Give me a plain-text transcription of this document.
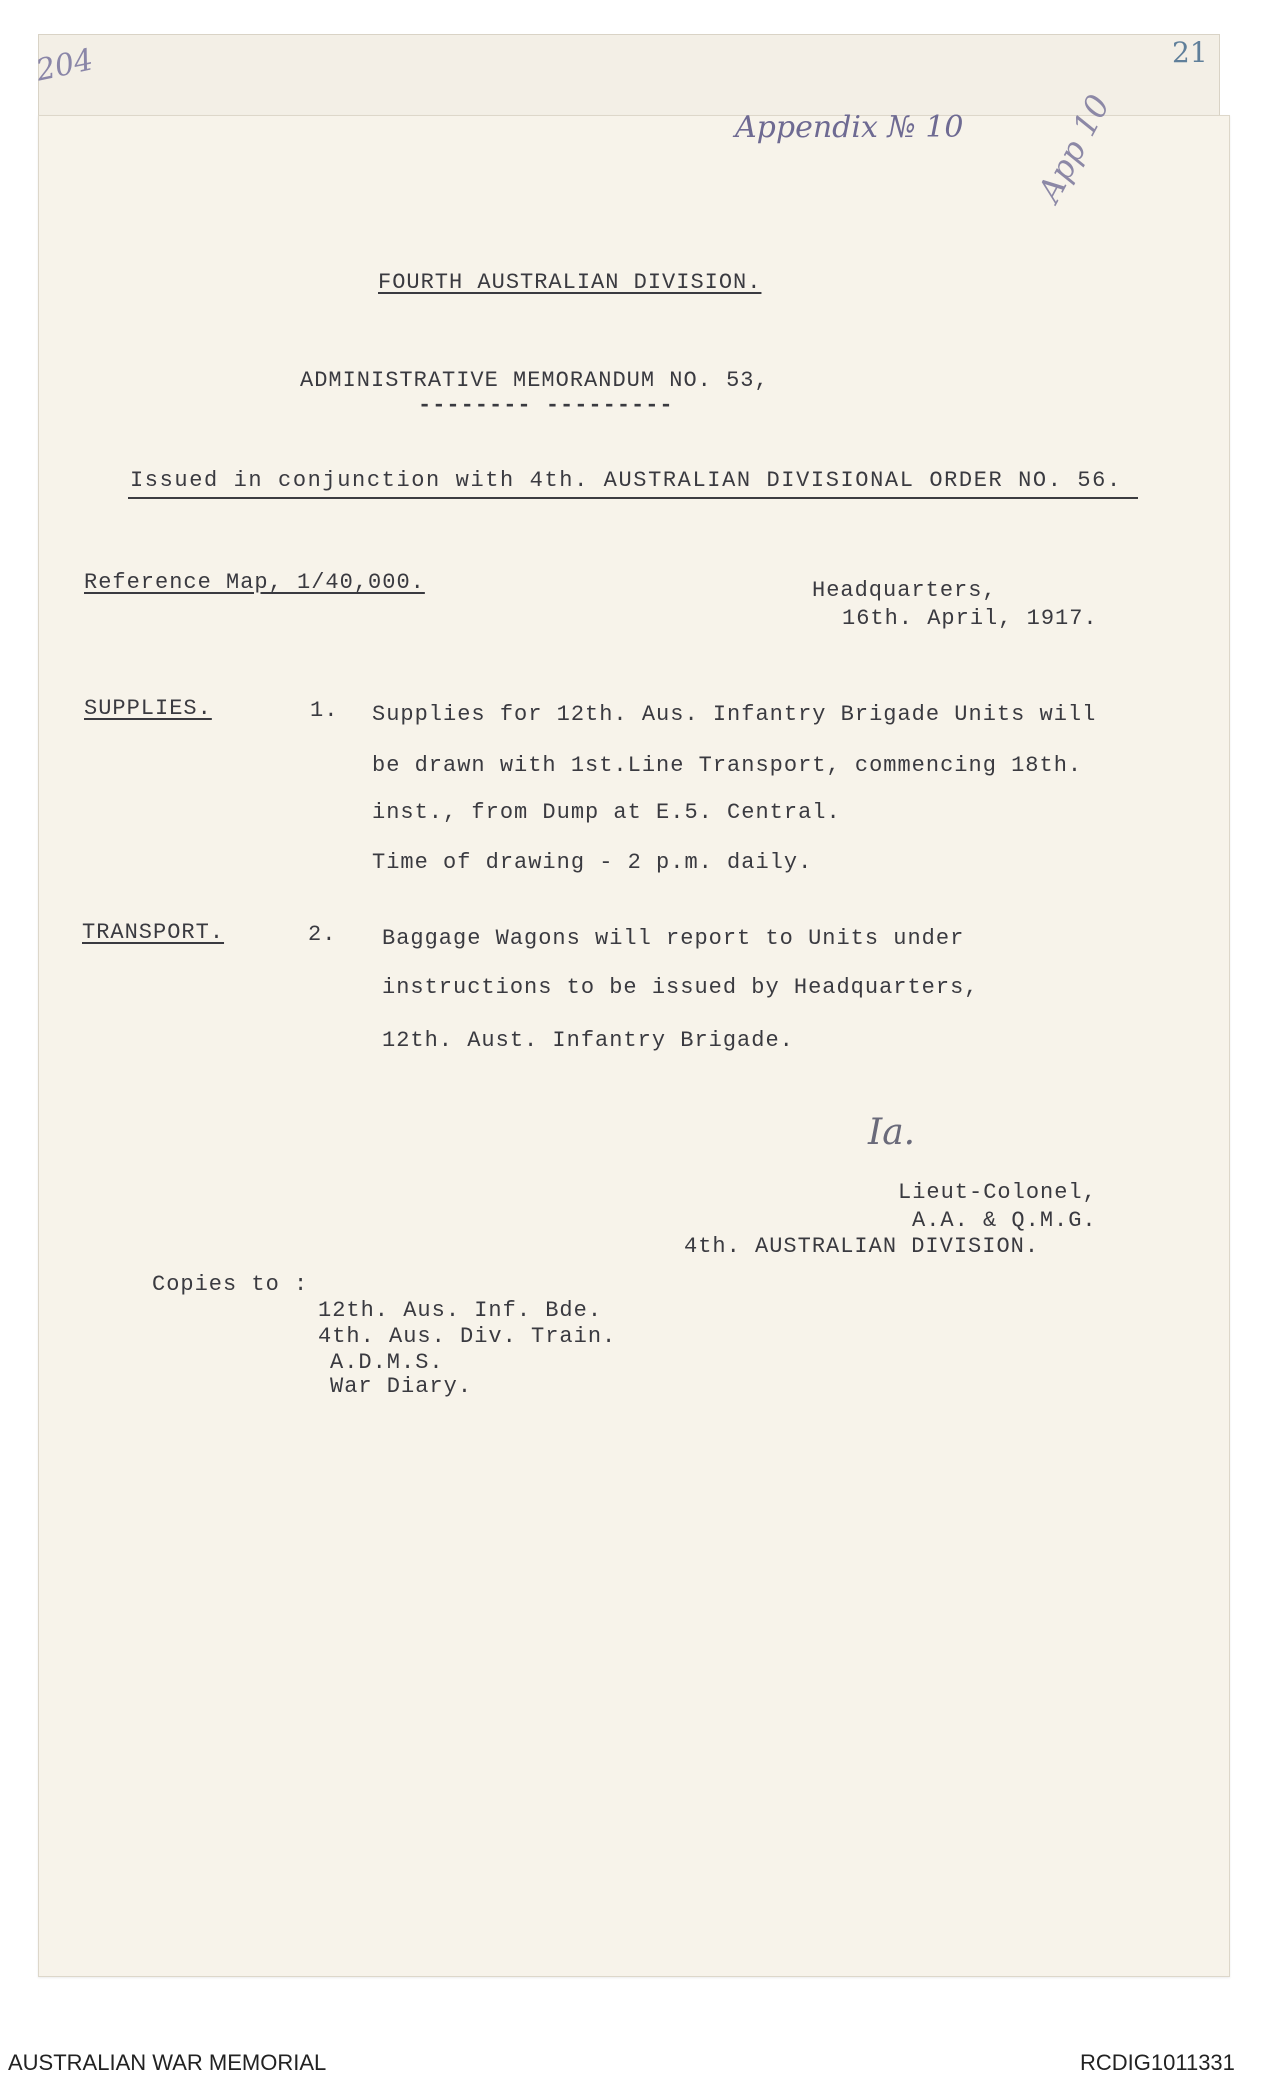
204	21
Appendix № 10 App 10
FOURTH AUSTRALIAN DIVISION.
ADMINISTRATIVE MEMORANDUM NO. 53,
-------- ---------
Issued in conjunction with 4th. AUSTRALIAN DIVISIONAL ORDER NO. 56.
Reference Map, 1/40,000.	Headquarters,
16th. April, 1917.
SUPPLIES.	1. Supplies for 12th. Aus. Infantry Brigade Units will
be drawn with 1st.Line Transport, commencing 18th.
inst., from Dump at E.5. Central.
Time of drawing - 2 p.m. daily.
TRANSPORT.	2. Baggage Wagons will report to Units under
instructions to be issued by Headquarters,
12th. Aust. Infantry Brigade.
Ia.
Lieut-Colonel,
A.A. & Q.M.G.
4th. AUSTRALIAN DIVISION.
Copies to :
12th. Aus. Inf. Bde.
4th. Aus. Div. Train.
A.D.M.S.
War Diary.
AUSTRALIAN WAR MEMORIAL	RCDIG1011331
